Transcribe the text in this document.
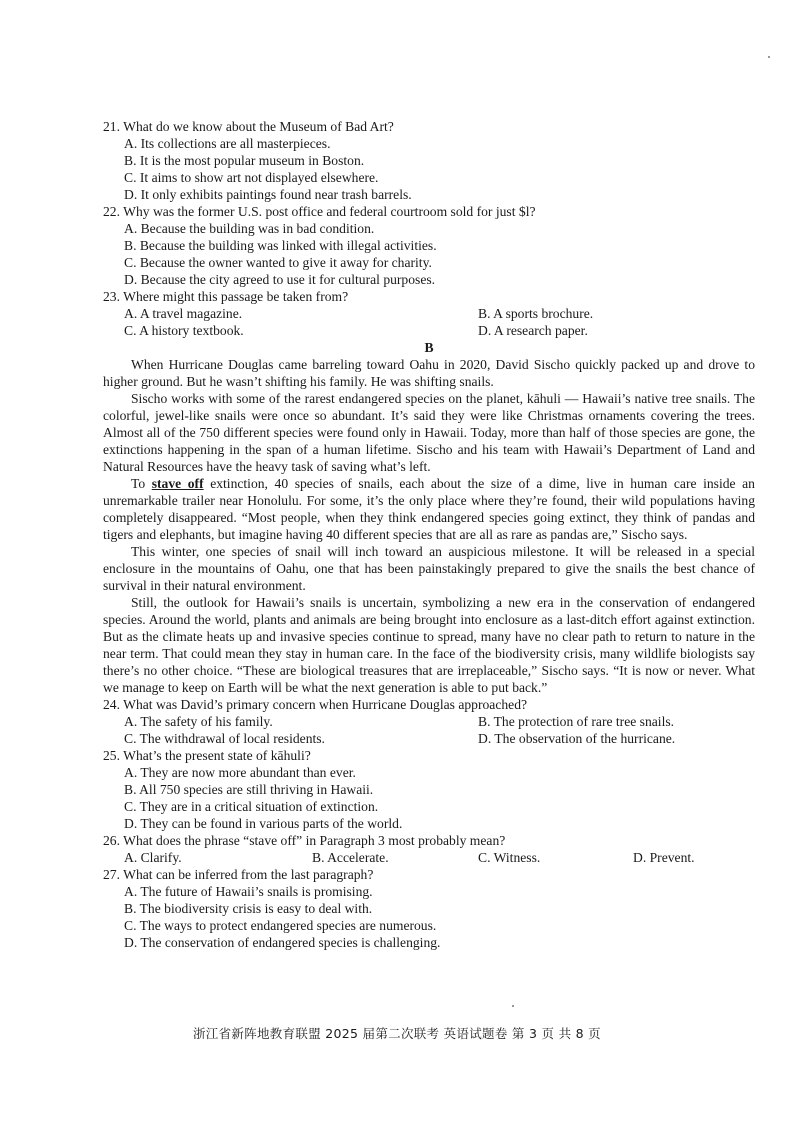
21. What do we know about the Museum of Bad Art?

A. Its collections are all masterpieces.

B. It is the most popular museum in Boston.

C. It aims to show art not displayed elsewhere.

D. It only exhibits paintings found near trash barrels.

22. Why was the former U.S. post office and federal courtroom sold for just $l?

A. Because the building was in bad condition.

B. Because the building was linked with illegal activities.

C. Because the owner wanted to give it away for charity.

D. Because the city agreed to use it for cultural purposes.

23. Where might this passage be taken from?

A. A travel magazine.	B. A sports brochure.
C. A history textbook.	D. A research paper.

B

When Hurricane Douglas came barreling toward Oahu in 2020, David Sischo quickly packed up and drove to higher ground. But he wasn’t shifting his family. He was shifting snails.

Sischo works with some of the rarest endangered species on the planet, kāhuli — Hawaii’s native tree snails. The colorful, jewel-like snails were once so abundant. It’s said they were like Christmas ornaments covering the trees. Almost all of the 750 different species were found only in Hawaii. Today, more than half of those species are gone, the extinctions happening in the span of a human lifetime. Sischo and his team with Hawaii’s Department of Land and Natural Resources have the heavy task of saving what’s left.

To stave off extinction, 40 species of snails, each about the size of a dime, live in human care inside an unremarkable trailer near Honolulu. For some, it’s the only place where they’re found, their wild populations having completely disappeared. “Most people, when they think endangered species going extinct, they think of pandas and tigers and elephants, but imagine having 40 different species that are all as rare as pandas are,” Sischo says.

This winter, one species of snail will inch toward an auspicious milestone. It will be released in a special enclosure in the mountains of Oahu, one that has been painstakingly prepared to give the snails the best chance of survival in their natural environment.

Still, the outlook for Hawaii’s snails is uncertain, symbolizing a new era in the conservation of endangered species. Around the world, plants and animals are being brought into enclosure as a last-ditch effort against extinction. But as the climate heats up and invasive species continue to spread, many have no clear path to return to nature in the near term. That could mean they stay in human care. In the face of the biodiversity crisis, many wildlife biologists say there’s no other choice. “These are biological treasures that are irreplaceable,” Sischo says. “It is now or never. What we manage to keep on Earth will be what the next generation is able to put back.”

24. What was David’s primary concern when Hurricane Douglas approached?

A. The safety of his family.	B. The protection of rare tree snails.
C. The withdrawal of local residents.	D. The observation of the hurricane.

25. What’s the present state of kāhuli?

A. They are now more abundant than ever.

B. All 750 species are still thriving in Hawaii.

C. They are in a critical situation of extinction.

D. They can be found in various parts of the world.

26. What does the phrase “stave off” in Paragraph 3 most probably mean?

A. Clarify.	B. Accelerate.	C. Witness.	D. Prevent.

27. What can be inferred from the last paragraph?

A. The future of Hawaii’s snails is promising.

B. The biodiversity crisis is easy to deal with.

C. The ways to protect endangered species are numerous.

D. The conservation of endangered species is challenging.

浙江省新阵地教育联盟 2025 届第二次联考 英语试题卷 第 3 页 共 8 页
